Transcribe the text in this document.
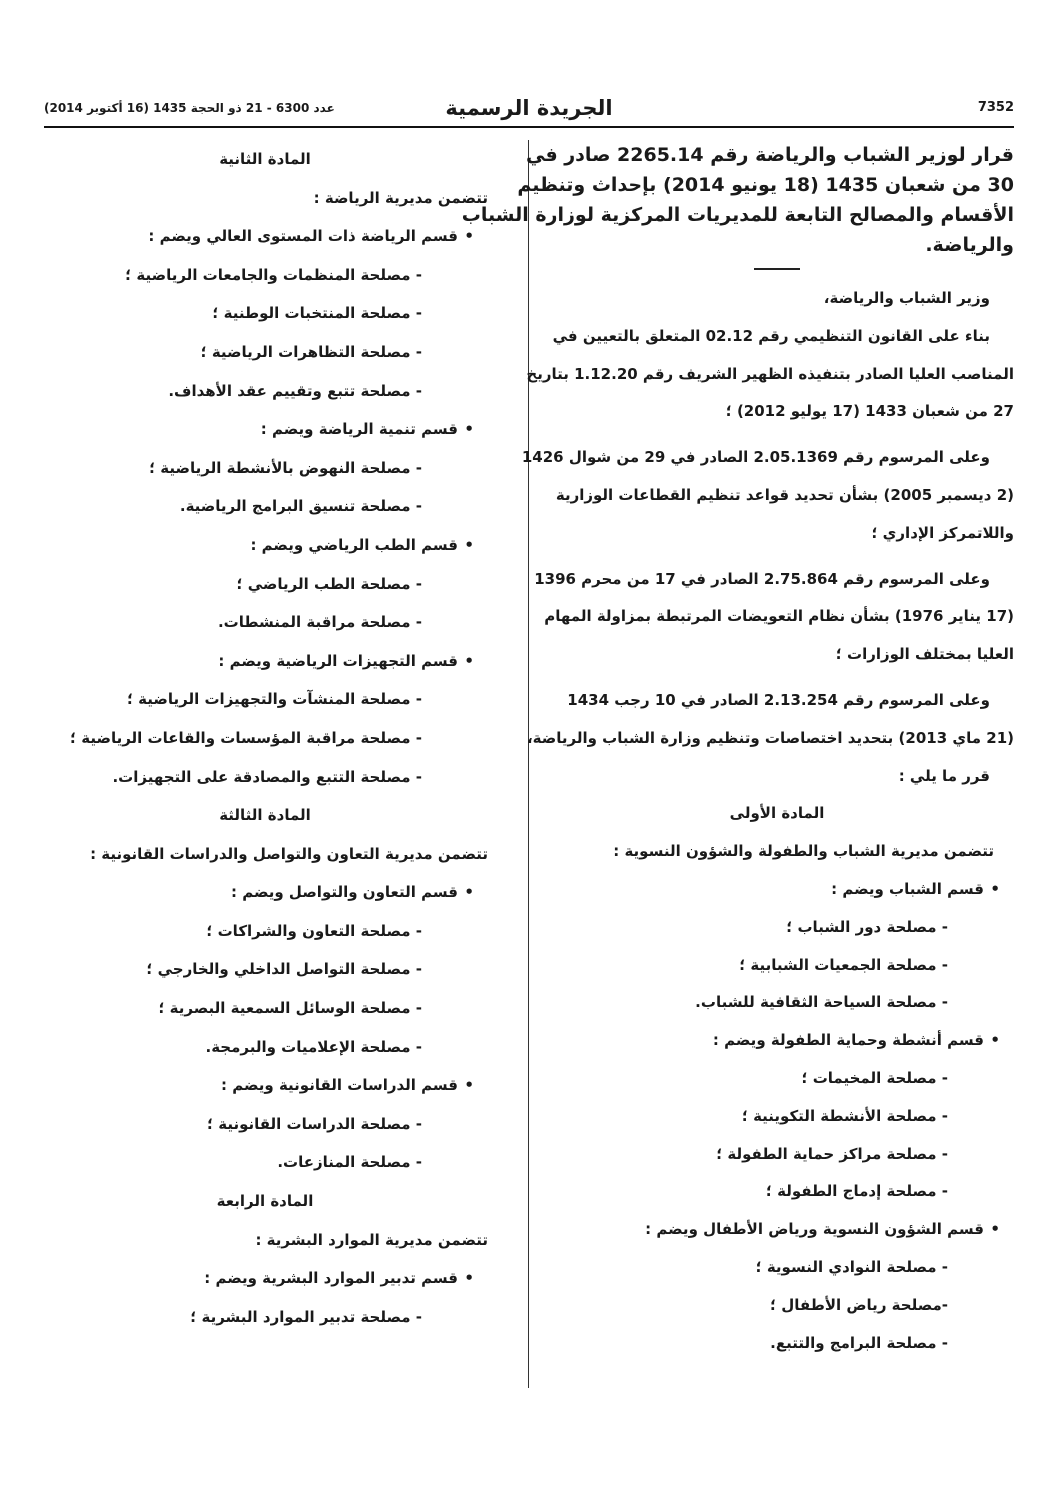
7352
الجريدة الرسمية
عدد 6300 - 21 ذو الحجة 1435 (16 أكتوبر 2014)
قرار لوزير الشباب والرياضة رقم 2265.14 صادر في
30 من شعبان 1435 (18 يونيو 2014) بإحداث وتنظيم
الأقسام والمصالح التابعة للمديريات المركزية لوزارة الشباب
والرياضة.
وزير الشباب والرياضة،
بناء على القانون التنظيمي رقم 02.12 المتعلق بالتعيين في
المناصب العليا الصادر بتنفيذه الظهير الشريف رقم 1.12.20 بتاريخ
27 من شعبان 1433 (17 يوليو 2012) ؛
وعلى المرسوم رقم 2.05.1369 الصادر في 29 من شوال 1426
(2 ديسمبر 2005) بشأن تحديد قواعد تنظيم القطاعات الوزارية
واللاتمركز الإداري ؛
وعلى المرسوم رقم 2.75.864 الصادر في 17 من محرم 1396
(17 يناير 1976) بشأن نظام التعويضات المرتبطة بمزاولة المهام
العليا بمختلف الوزارات ؛
وعلى المرسوم رقم 2.13.254 الصادر في 10 رجب 1434
(21 ماي 2013) بتحديد اختصاصات وتنظيم وزارة الشباب والرياضة،
قرر ما يلي :
المادة الأولى
تتضمن مديرية الشباب والطفولة والشؤون النسوية :
•
قسم الشباب ويضم :
- مصلحة دور الشباب ؛
- مصلحة الجمعيات الشبابية ؛
- مصلحة السياحة الثقافية للشباب.
•
قسم أنشطة وحماية الطفولة ويضم :
- مصلحة المخيمات ؛
- مصلحة الأنشطة التكوينية ؛
- مصلحة مراكز حماية الطفولة ؛
- مصلحة إدماج الطفولة ؛
•
قسم الشؤون النسوية ورياض الأطفال ويضم :
- مصلحة النوادي النسوية ؛
-مصلحة رياض الأطفال ؛
- مصلحة البرامج والتتبع.
المادة الثانية
تتضمن مديرية الرياضة :
•
قسم الرياضة ذات المستوى العالي ويضم :
- مصلحة المنظمات والجامعات الرياضية ؛
- مصلحة المنتخبات الوطنية ؛
- مصلحة التظاهرات الرياضية ؛
- مصلحة تتبع وتقييم عقد الأهداف.
•
قسم تنمية الرياضة ويضم :
- مصلحة النهوض بالأنشطة الرياضية ؛
- مصلحة تنسيق البرامج الرياضية.
•
قسم الطب الرياضي ويضم :
- مصلحة الطب الرياضي ؛
- مصلحة مراقبة المنشطات.
•
قسم التجهيزات الرياضية ويضم :
- مصلحة المنشآت والتجهيزات الرياضية ؛
- مصلحة مراقبة المؤسسات والقاعات الرياضية ؛
- مصلحة التتبع والمصادقة على التجهيزات.
المادة الثالثة
تتضمن مديرية التعاون والتواصل والدراسات القانونية :
•
قسم التعاون والتواصل ويضم :
- مصلحة التعاون والشراكات ؛
- مصلحة التواصل الداخلي والخارجي ؛
- مصلحة الوسائل السمعية البصرية ؛
- مصلحة الإعلاميات والبرمجة.
•
قسم الدراسات القانونية ويضم :
- مصلحة الدراسات القانونية ؛
- مصلحة المنازعات.
المادة الرابعة
تتضمن مديرية الموارد البشرية :
•
قسم تدبير الموارد البشرية ويضم :
- مصلحة تدبير الموارد البشرية ؛
